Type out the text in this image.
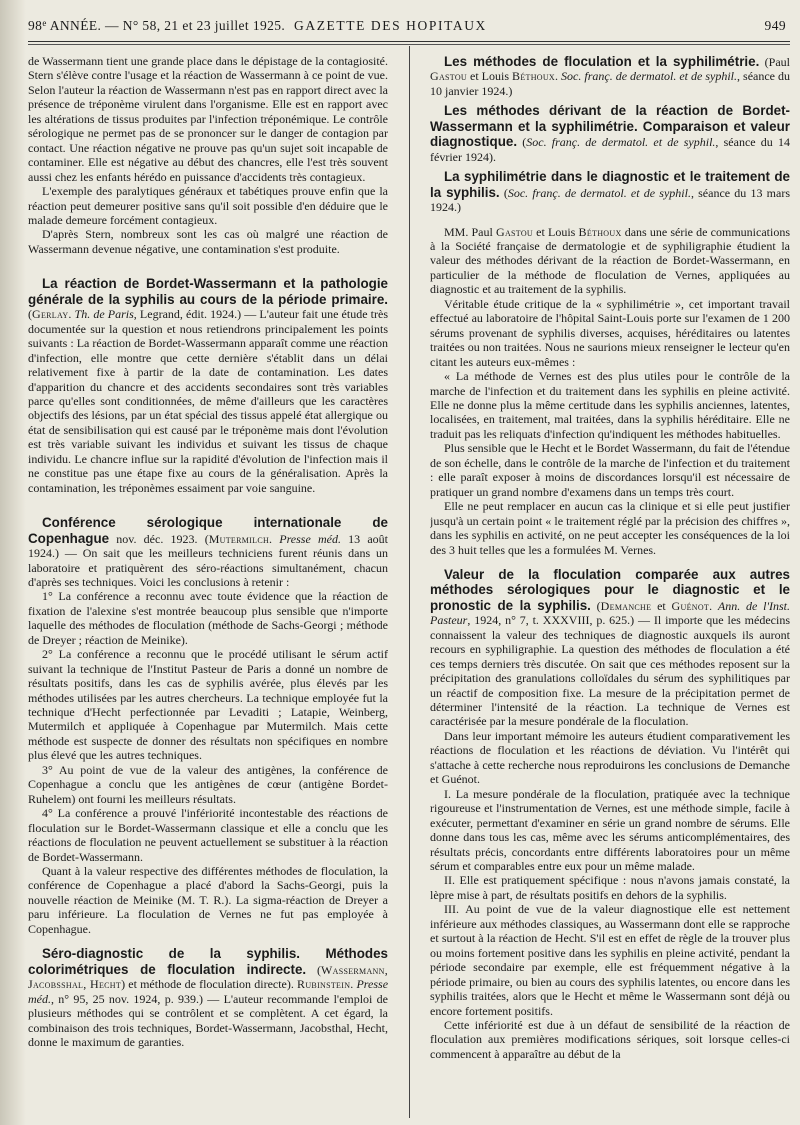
98e ANNÉE. — N° 58, 21 et 23 juillet 1925. GAZETTE DES HOPITAUX	949

de Wassermann tient une grande place dans le dépistage de la contagiosité. Stern s'élève contre l'usage et la réaction de Wassermann à ce point de vue. Selon l'auteur la réaction de Wassermann n'est pas en rapport direct avec la présence de tréponème virulent dans l'organisme. Elle est en rapport avec les altérations de tissus produites par l'infection tréponémique. Le contrôle sérologique ne permet pas de se prononcer sur le danger de contagion par contact. Une réaction négative ne prouve pas qu'un sujet soit incapable de contaminer. Elle est négative au début des chancres, elle l'est très souvent aussi chez les enfants hérédo en puissance d'accidents très contagieux.

L'exemple des paralytiques généraux et tabétiques prouve enfin que la réaction peut demeurer positive sans qu'il soit possible d'en déduire que le malade demeure forcément contagieux.

D'après Stern, nombreux sont les cas où malgré une réaction de Wassermann devenue négative, une contamination s'est produite.

La réaction de Bordet-Wassermann et la pathologie générale de la syphilis au cours de la période primaire. (Gerlay. Th. de Paris, Legrand, édit. 1924.) — L'auteur fait une étude très documentée sur la question et nous retiendrons principalement les points suivants : La réaction de Bordet-Wassermann apparaît comme une réaction d'infection, elle montre que cette dernière s'établit dans un délai relativement fixe à partir de la date de contamination. Les dates d'apparition du chancre et des accidents secondaires sont très variables parce qu'elles sont conditionnées, de même d'ailleurs que les caractères objectifs des lésions, par un état spécial des tissus appelé état allergique ou état de sensibilisation qui est causé par le tréponème mais dont l'évolution est très variable suivant les individus et suivant les tissus de chaque individu. Le chancre influe sur la rapidité d'évolution de l'infection mais il ne constitue pas une étape fixe au cours de la généralisation. Après la contamination, les tréponèmes essaiment par voie sanguine.

Conférence sérologique internationale de Copenhague nov. déc. 1923. (Mutermilch. Presse méd. 13 août 1924.) — On sait que les meilleurs techniciens furent réunis dans un laboratoire et pratiquèrent des séro-réactions simultanément, chacun d'après ses techniques. Voici les conclusions à retenir :

1° La conférence a reconnu avec toute évidence que la réaction de fixation de l'alexine s'est montrée beaucoup plus sensible que n'importe laquelle des méthodes de floculation (méthode de Sachs-Georgi ; méthode de Dreyer ; réaction de Meinike).

2° La conférence a reconnu que le procédé utilisant le sérum actif suivant la technique de l'Institut Pasteur de Paris a donné un nombre de résultats positifs, dans les cas de syphilis avérée, plus élevés par les méthodes utilisées par les autres chercheurs. La technique employée fut la technique d'Hecht perfectionnée par Levaditi ; Latapie, Weinberg, Mutermilch et appliquée à Copenhague par Mutermilch. Mais cette méthode est suspecte de donner des résultats non spécifiques en nombre plus élevé que les autres techniques.

3° Au point de vue de la valeur des antigènes, la conférence de Copenhague a conclu que les antigènes de cœur (antigène Bordet-Ruhelem) ont fourni les meilleurs résultats.

4° La conférence a prouvé l'infériorité incontestable des réactions de floculation sur le Bordet-Wassermann classique et elle a conclu que les réactions de floculation ne peuvent actuellement se substituer à la réaction de Bordet-Wassermann.

Quant à la valeur respective des différentes méthodes de floculation, la conférence de Copenhague a placé d'abord la Sachs-Georgi, puis la nouvelle réaction de Meinike (M. T. R.). La sigma-réaction de Dreyer a paru inférieure. La floculation de Vernes ne fut pas employée à Copenhague.

Séro-diagnostic de la syphilis. Méthodes colorimétriques de floculation indirecte. (Wassermann, Jacobsshal, Hecht) et méthode de floculation directe). Rubinstein. Presse méd., n° 95, 25 nov. 1924, p. 939.) — L'auteur recommande l'emploi de plusieurs méthodes qui se contrôlent et se complètent. A cet égard, la combinaison des trois techniques, Bordet-Wassermann, Jacobsthal, Hecht, donne le maximum de garanties.

Les méthodes de floculation et la syphilimétrie. (Paul Gastou et Louis Béthoux. Soc. franç. de dermatol. et de syphil., séance du 10 janvier 1924.)

Les méthodes dérivant de la réaction de Bordet-Wassermann et la syphilimétrie. Comparaison et valeur diagnostique. (Soc. franç. de dermatol. et de syphil., séance du 14 février 1924).

La syphilimétrie dans le diagnostic et le traitement de la syphilis. (Soc. franç. de dermatol. et de syphil., séance du 13 mars 1924.)

MM. Paul Gastou et Louis Béthoux dans une série de communications à la Société française de dermatologie et de syphiligraphie étudient la valeur des méthodes dérivant de la réaction de Bordet-Wassermann, en particulier de la méthode de floculation de Vernes, appliquées au diagnostic et au traitement de la syphilis.

Véritable étude critique de la « syphilimétrie », cet important travail effectué au laboratoire de l'hôpital Saint-Louis porte sur l'examen de 1 200 sérums provenant de syphilis diverses, acquises, héréditaires ou latentes traitées ou non traitées. Nous ne saurions mieux renseigner le lecteur qu'en citant les auteurs eux-mêmes :

« La méthode de Vernes est des plus utiles pour le contrôle de la marche de l'infection et du traitement dans les syphilis en pleine activité. Elle ne donne plus la même certitude dans les syphilis anciennes, latentes, localisées, en traitement, mal traitées, dans la syphilis héréditaire. Elle ne traduit pas les reliquats d'infection qu'indiquent les méthodes habituelles.

Plus sensible que le Hecht et le Bordet Wassermann, du fait de l'étendue de son échelle, dans le contrôle de la marche de l'infection et du traitement : elle paraît exposer à moins de discordances lorsqu'il est nécessaire de pratiquer un grand nombre d'examens dans un temps très court.

Elle ne peut remplacer en aucun cas la clinique et si elle peut justifier jusqu'à un certain point « le traitement réglé par la précision des chiffres », dans les syphilis en activité, on ne peut accepter les conséquences de la loi des 3 huit telles que les a formulées M. Vernes.

Valeur de la floculation comparée aux autres méthodes sérologiques pour le diagnostic et le pronostic de la syphilis. (Demanche et Guénot. Ann. de l'Inst. Pasteur, 1924, n° 7, t. XXXVIII, p. 625.) — Il importe que les médecins connaissent la valeur des techniques de diagnostic auxquels ils auront recours en syphiligraphie. La question des méthodes de floculation a été ces temps derniers très discutée. On sait que ces méthodes reposent sur la précipitation des granulations colloïdales du sérum des syphilitiques par un réactif de composition fixe. La mesure de la précipitation permet de déterminer l'intensité de la réaction. La technique de Vernes est caractérisée par la mesure pondérale de la floculation.

Dans leur important mémoire les auteurs étudient comparativement les réactions de floculation et les réactions de déviation. Vu l'intérêt qui s'attache à cette recherche nous reproduirons les conclusions de Demanche et Guénot.

I. La mesure pondérale de la floculation, pratiquée avec la technique rigoureuse et l'instrumentation de Vernes, est une méthode simple, facile à exécuter, permettant d'examiner en série un grand nombre de sérums. Elle donne dans tous les cas, même avec les sérums anticomplémentaires, des résultats précis, concordants entre différents laboratoires pour un même sérum et comparables entre eux pour un même malade.

II. Elle est pratiquement spécifique : nous n'avons jamais constaté, la lèpre mise à part, de résultats positifs en dehors de la syphilis.

III. Au point de vue de la valeur diagnostique elle est nettement inférieure aux méthodes classiques, au Wassermann dont elle se rapproche et surtout à la réaction de Hecht. S'il est en effet de règle de la trouver plus ou moins fortement positive dans les syphilis en pleine activité, pendant la période secondaire par exemple, elle est fréquemment négative à la période primaire, ou bien au cours des syphilis latentes, ou encore dans les syphilis traitées, alors que le Hecht et même le Wassermann sont déjà ou encore fortement positifs.

Cette infériorité est due à un défaut de sensibilité de la réaction de floculation aux premières modifications sériques, soit lorsque celles-ci commencent à apparaître au début de la
